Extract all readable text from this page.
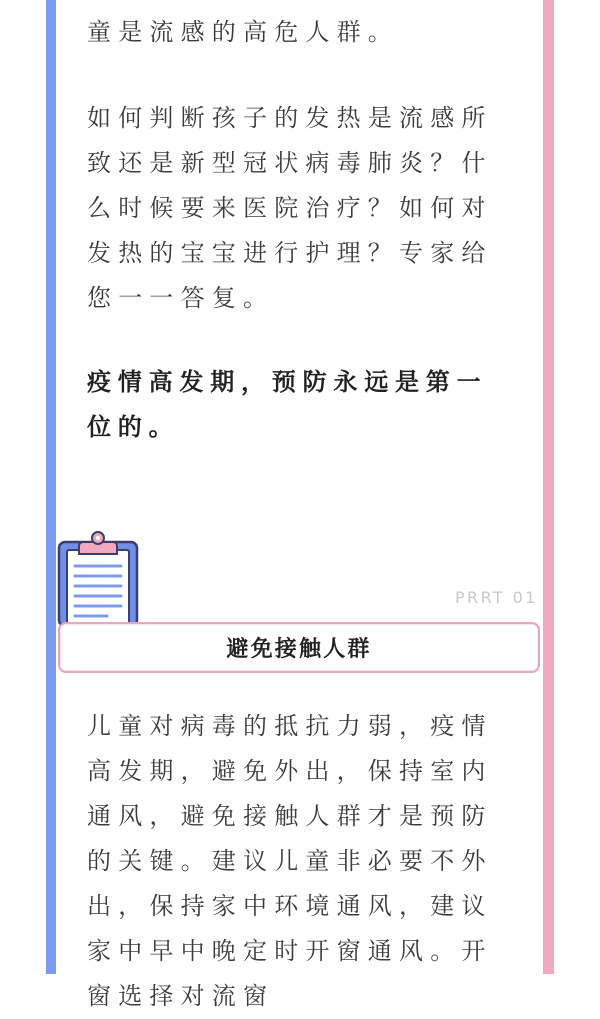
童是流感的高危人群。

如何判断孩子的发热是流感所致还是新型冠状病毒肺炎？什么时候要来医院治疗？如何对发热的宝宝进行护理？专家给您一一答复。

疫情高发期，预防永远是第一位的。

PRRT 01
避免接触人群

儿童对病毒的抵抗力弱，疫情高发期，避免外出，保持室内通风，避免接触人群才是预防的关键。建议儿童非必要不外出，保持家中环境通风，建议家中早中晚定时开窗通风。开窗选择对流窗
